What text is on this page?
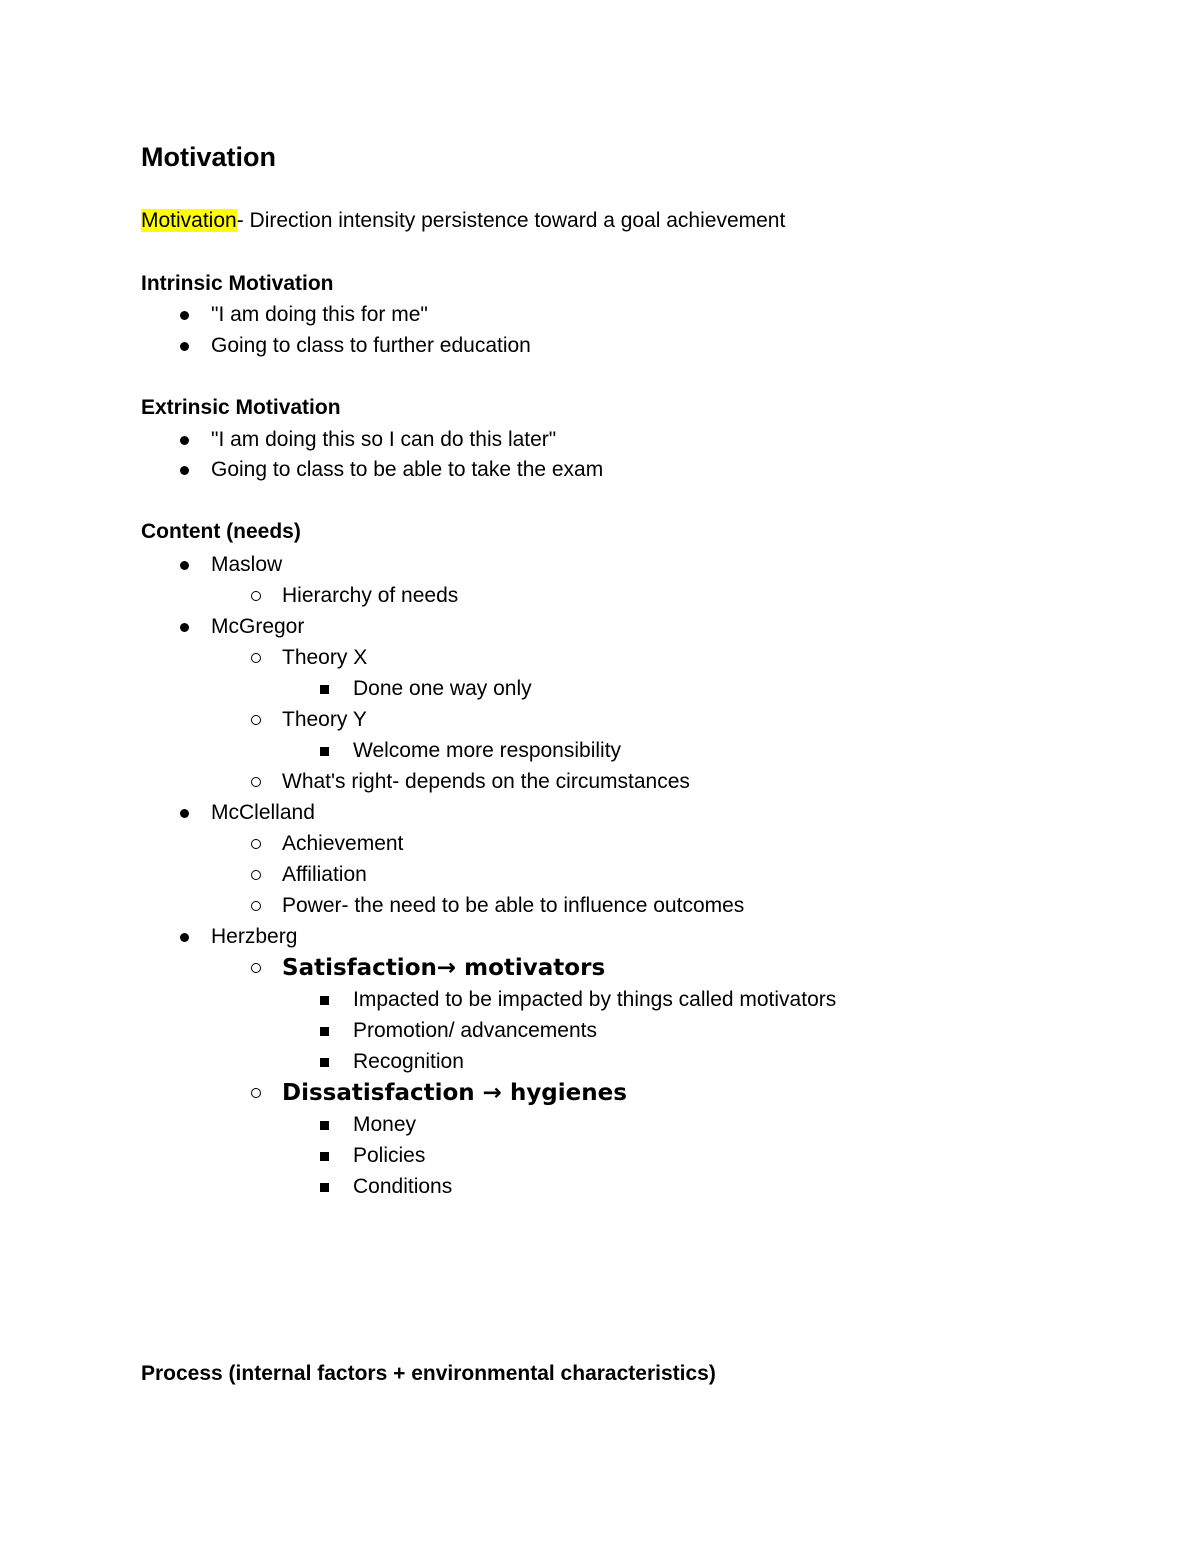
Motivation
Motivation- Direction intensity persistence toward a goal achievement
Intrinsic Motivation
"I am doing this for me"
Going to class to further education
Extrinsic Motivation
"I am doing this so I can do this later"
Going to class to be able to take the exam
Content (needs)
Maslow
Hierarchy of needs
McGregor
Theory X
Done one way only
Theory Y
Welcome more responsibility
What's right- depends on the circumstances
McClelland
Achievement
Affiliation
Power- the need to be able to influence outcomes
Herzberg
Satisfaction→ motivators
Impacted to be impacted by things called motivators
Promotion/ advancements
Recognition
Dissatisfaction → hygienes
Money
Policies
Conditions
Process (internal factors + environmental characteristics)
